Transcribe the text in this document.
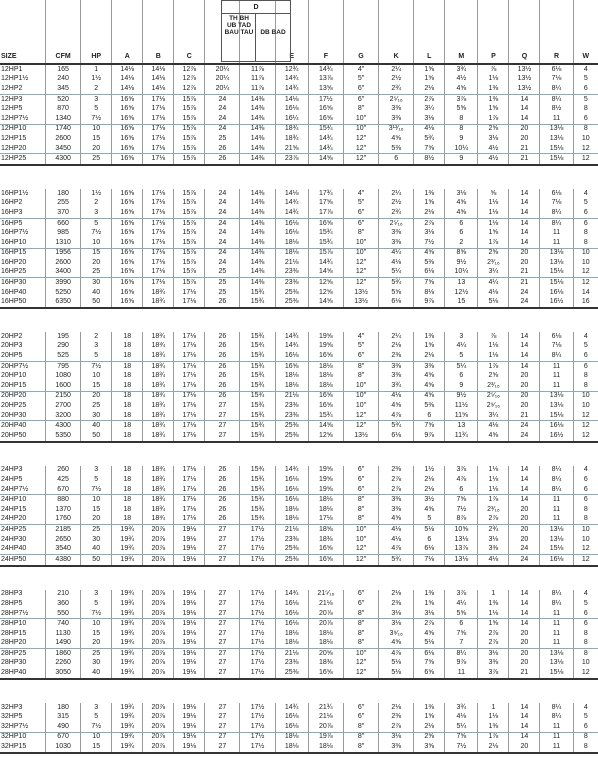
D
TH BH UB TAD BAU TAU	DB BAD
SIZE	CFM	HP	A	B	C			E	F	G	K	L	M	P	Q	R	W
12HP1	165	1	14⅛	14⅛	12⅞	20¼	11⅞	12¾	14¾	4″	2¼	1⅝	3¾	⅞	13½	6⅛	4
12HP1½	240	1½	14⅛	14⅛	12⅞	20¼	11⅞	14¾	13⅞	5″	2½	1⅝	4½	1⅛	13½	7⅛	5
12HP2	345	2	14⅛	14⅛	12⅞	20¼	11⅞	14¾	13⅝	6″	2¾	2⅛	4⅝	1⅜	13½	8¼	6
12HP3	520	3	16⅝	17⅛	15⅞	24	14⅜	14⅛	17½	6″	2⁵⁄₁₆	2⅞	3⅞	1⅜	14	8¼	5
12HP5	870	5	16⅝	17⅛	15⅞	24	14⅜	16⅛	16⅝	8″	3⅜	3¼	5⅝	1⅝	14	8½	8
12HP7½	1340	7½	16⅝	17⅛	15⅞	24	14⅜	16¼	16⅝	10″	3⅜	3⅛	8	1⅞	14	11	6
12HP10	1740	10	16⅝	17⅛	15⅞	24	14⅜	18¾	15¾	10″	3¹³⁄₁₆	4⅛	8	2⅝	20	13⅛	8
12HP15	2600	15	16⅝	17⅛	15⅞	25	14⅜	18¾	14¾	12″	4⅝	5¾	9	3⅛	20	13⅛	10
12HP20	3450	20	16⅝	17⅛	15⅞	26	14⅜	21⅝	14¾	12″	5⅜	7⅝	10¼	4½	21	15⅛	12
12HP25	4300	25	16⅝	17⅛	15⅞	26	14⅜	23⅞	14⅝	12″	6	8½	9	4½	21	15⅛	12

16HP1½	180	1½	16⅝	17⅛	15⅞	24	14⅜	14⅛	17¾	4″	2¼	1⅜	3⅛	⅝	14	6⅛	4
16HP2	255	2	16⅝	17⅛	15⅞	24	14⅜	14¾	17⅝	5″	2½	1⅝	4⅝	1⅛	14	7⅛	5
16HP3	370	3	16⅝	17⅛	15⅞	24	14⅜	14¾	17⅞	6″	2¾	2⅛	4⅝	1⅛	14	8¼	6
16HP5	660	5	16⅝	17⅛	15⅞	24	14⅜	16⅛	16⅝	6″	2⁵⁄₁₆	2⅞	6	1⅛	14	8¼	6
16HP7½	985	7½	16⅝	17⅛	15⅞	24	14⅜	16⅛	15¾	8″	3⅜	3⅛	6	1⅝	14	11	8
16HP10	1310	10	16⅝	17⅛	15⅞	24	14⅜	18⅛	15¾	10″	3⅜	7½	2	1⅞	14	11	8
16HP15	1956	15	16⅝	17⅛	15⅞	24	14⅜	18⅛	15⅞	10″	4¼	4⅝	8⅝	2⅝	20	13⅛	10
16HP20	2600	20	16⅝	17⅛	15⅞	24	14⅜	21⅛	14¾	12″	4⅛	5⅜	9½	2³⁄₁₆	20	13⅛	10
16HP25	3400	25	16⅝	17⅛	15⅞	25	14⅜	23⅜	14⅝	12″	5¼	6⅛	10¼	3¼	21	15⅛	12
16HP30	3990	30	16⅝	17⅛	15⅞	25	14⅜	23⅜	12⅝	12″	5¾	7⅝	13	4¼	21	15⅛	12
16HP40	5250	40	16⅝	18¾	17⅛	25	15¾	25⅜	12⅝	13½	5⅝	8⅛	12½	4⅛	24	16⅛	14
16HP50	6350	50	16⅝	18¾	17⅛	26	15¾	25⅜	14⅝	13½	6⅛	9⅞	15	5⅛	24	16½	16

20HP2	195	2	18	18¾	17⅛	26	15¾	14¾	19⅝	4″	2¼	1⅜	3	⅞	14	6⅛	4
20HP3	290	3	18	18¾	17⅛	26	15¾	14¾	19⅝	5″	2⅛	1⅝	4¼	1⅛	14	7⅛	5
20HP5	525	5	18	18¾	17⅛	26	15¾	16⅛	16⅝	6″	2⅜	2⅛	5	1⅛	14	8¼	6
20HP7½	795	7½	18	18¾	17⅛	26	15¾	16⅝	18⅛	8″	3⅜	3⅜	5¼	1⅞	14	11	6
20HP10	1080	10	18	18¾	17⅛	26	15¾	18⅛	18⅛	8″	3⅜	4⅝	6	2⅝	20	11	8
20HP15	1600	15	18	18¾	17⅛	26	15¾	18⅛	18⅛	10″	3¾	4⅝	9	2³⁄₁₆	20	11	8
20HP20	2150	20	18	18¾	17⅛	26	15¾	21⅛	16⅝	10″	4⅛	4⅝	9½	2⁵⁄₁₆	20	13⅛	10
20HP25	2700	25	18	18¾	17⅛	27	15¾	23⅜	16⅝	10″	4⅝	5⅜	11½	2⁹⁄₁₆	20	13⅛	10
20HP30	3200	30	18	18¾	17⅛	27	15¾	23⅜	15¾	12″	4⅞	6	11⅝	3¼	21	15⅛	12
20HP40	4300	40	18	18¾	17⅛	27	15¾	25⅜	14⅝	12″	5¾	7⅝	13	4⅛	24	16⅛	12
20HP50	5350	50	18	18¾	17⅛	27	15¾	25⅜	12⅝	13½	6⅛	9⅞	11¾	4⅝	24	16½	12

24HP3	260	3	18	18¾	17⅛	26	15¾	14¾	19⅝	6″	2⅜	1½	3⅞	1⅛	14	8¼	4
24HP5	425	5	18	18¾	17⅛	26	15¾	16⅛	19⅝	6″	2⅞	2⅛	4⅞	1⅛	14	8¼	6
24HP7½	670	7½	18	18¾	17⅛	26	15¾	16⅛	19⅝	6″	2⅞	2⅛	6	1⅛	14	8¼	6
24HP10	880	10	18	18¾	17⅛	26	15¾	16⅛	18⅛	8″	3⅜	3½	7⅝	1⅞	14	11	6
24HP15	1370	15	18	18¾	17⅛	26	15¾	18⅛	18⅛	8″	3⅜	4⅝	7½	2³⁄₁₆	20	11	8
24HP20	1760	20	18	18¾	17⅛	26	15¾	18⅛	17⅛	8″	4⅝	5	8⅞	2⅞	20	11	8
24HP25	2185	25	19¾	20⅞	19⅛	27	17½	21⅛	18⅝	10″	4⅛	5⅛	10⅝	2¾	20	13⅛	10
24HP30	2650	30	19¾	20⅞	19⅛	27	17½	23⅜	18⅜	10″	4⅛	6	13⅛	3⅛	20	13⅛	10
24HP40	3540	40	19¾	20⅞	19⅛	27	17½	25⅜	16⅝	12″	4⅞	6⅛	13⅞	3⅜	24	15⅛	12
24HP50	4380	50	19¾	20⅞	19⅛	27	17½	25⅜	16⅝	12″	5¾	7⅛	13⅛	4⅛	24	16⅛	12

28HP3	210	3	19¾	20⅞	19⅛	27	17½	14¾	21⁵⁄₁₆	6″	2⅛	1⅜	3⅞	1	14	8¼	4
28HP5	360	5	19¾	20⅞	19⅛	27	17½	16⅛	21⅛	6″	2⅜	1⅝	4¼	1⅜	14	8¼	5
28HP7½	550	7½	19¾	20⅞	19⅛	27	17½	16⅛	20⅞	8″	3⅛	3⅛	5⅝	1⅛	14	11	6
28HP10	740	10	19¾	20⅞	19⅛	27	17½	16⅛	20⅞	8″	3⅛	2⅞	6	1⅝	14	11	6
28HP15	1130	15	19¾	20⅞	19⅛	27	17½	18⅛	18⅛	8″	3⁹⁄₁₆	4⅝	7⅝	2⅞	20	11	8
28HP20	1490	20	19¾	20⅞	19⅛	27	17½	18⅛	18⅛	8″	4⅝	5⅛	7	2⅞	20	11	8
28HP25	1860	25	19¾	20⅞	19⅛	27	17½	21⅛	20⅝	10″	4⅞	6⅛	8¼	3⅛	20	13⅛	8
28HP30	2260	30	19¾	20⅞	19⅛	27	17½	23⅜	18⅜	12″	5⅛	7⅝	9⅞	3⅜	20	13⅛	10
28HP40	3050	40	19¾	20⅞	19⅛	27	17½	25⅜	16⅝	12″	5⅛	6⅝	11	3⅞	21	15⅛	12

32HP3	180	3	19¾	20⅞	19⅛	27	17½	14¾	21¾	6″	2⅛	1⅜	3¾	1	14	8¼	4
32HP5	315	5	19¾	20⅞	19⅛	27	17½	16⅛	21⅛	6″	2⅜	1⅝	4⅛	1⅛	14	8¼	5
32HP7½	490	7½	19¾	20⅞	19⅛	27	17½	16⅛	20⅞	8″	2⅞	2⅛	5¼	1⅜	14	11	6
32HP10	670	10	19¾	20⅞	19⅛	27	17½	18⅛	19⅞	8″	3⅛	2⅝	7⅝	1⅞	14	11	8
32HP15	1030	15	19¾	20⅞	19⅛	27	17½	18⅛	18⅛	8″	3⅜	3⅝	7½	2⅛	20	11	8
